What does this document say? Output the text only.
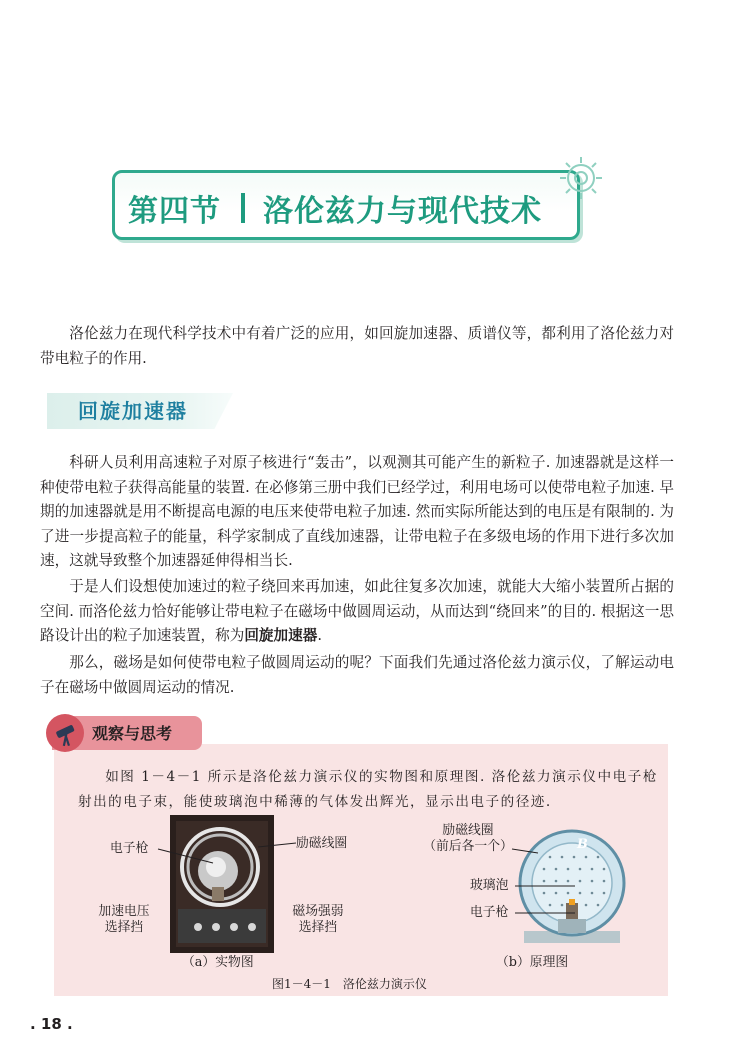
第四节 洛伦兹力与现代技术

洛伦兹力在现代科学技术中有着广泛的应用，如回旋加速器、质谱仪等，都利用了洛伦兹力对带电粒子的作用.

回旋加速器

科研人员利用高速粒子对原子核进行“轰击”，以观测其可能产生的新粒子. 加速器就是这样一种使带电粒子获得高能量的装置. 在必修第三册中我们已经学过，利用电场可以使带电粒子加速. 早期的加速器就是用不断提高电源的电压来使带电粒子加速. 然而实际所能达到的电压是有限制的. 为了进一步提高粒子的能量，科学家制成了直线加速器，让带电粒子在多级电场的作用下进行多次加速，这就导致整个加速器延伸得相当长.

于是人们设想使加速过的粒子绕回来再加速，如此往复多次加速，就能大大缩小装置所占据的空间. 而洛伦兹力恰好能够让带电粒子在磁场中做圆周运动，从而达到“绕回来”的目的. 根据这一思路设计出的粒子加速装置，称为回旋加速器.

那么，磁场是如何使带电粒子做圆周运动的呢？下面我们先通过洛伦兹力演示仪，了解运动电子在磁场中做圆周运动的情况.

观察与思考

如图 1－4－1 所示是洛伦兹力演示仪的实物图和原理图. 洛伦兹力演示仪中电子枪射出的电子束，能使玻璃泡中稀薄的气体发出辉光，显示出电子的径迹.

B
电子枪	励磁线圈
加速电压
选择挡
磁场强弱
选择挡
励磁线圈
（前后各一个）
玻璃泡
电子枪
（a）实物图	（b）原理图
图1－4－1　洛伦兹力演示仪
. 18 .
